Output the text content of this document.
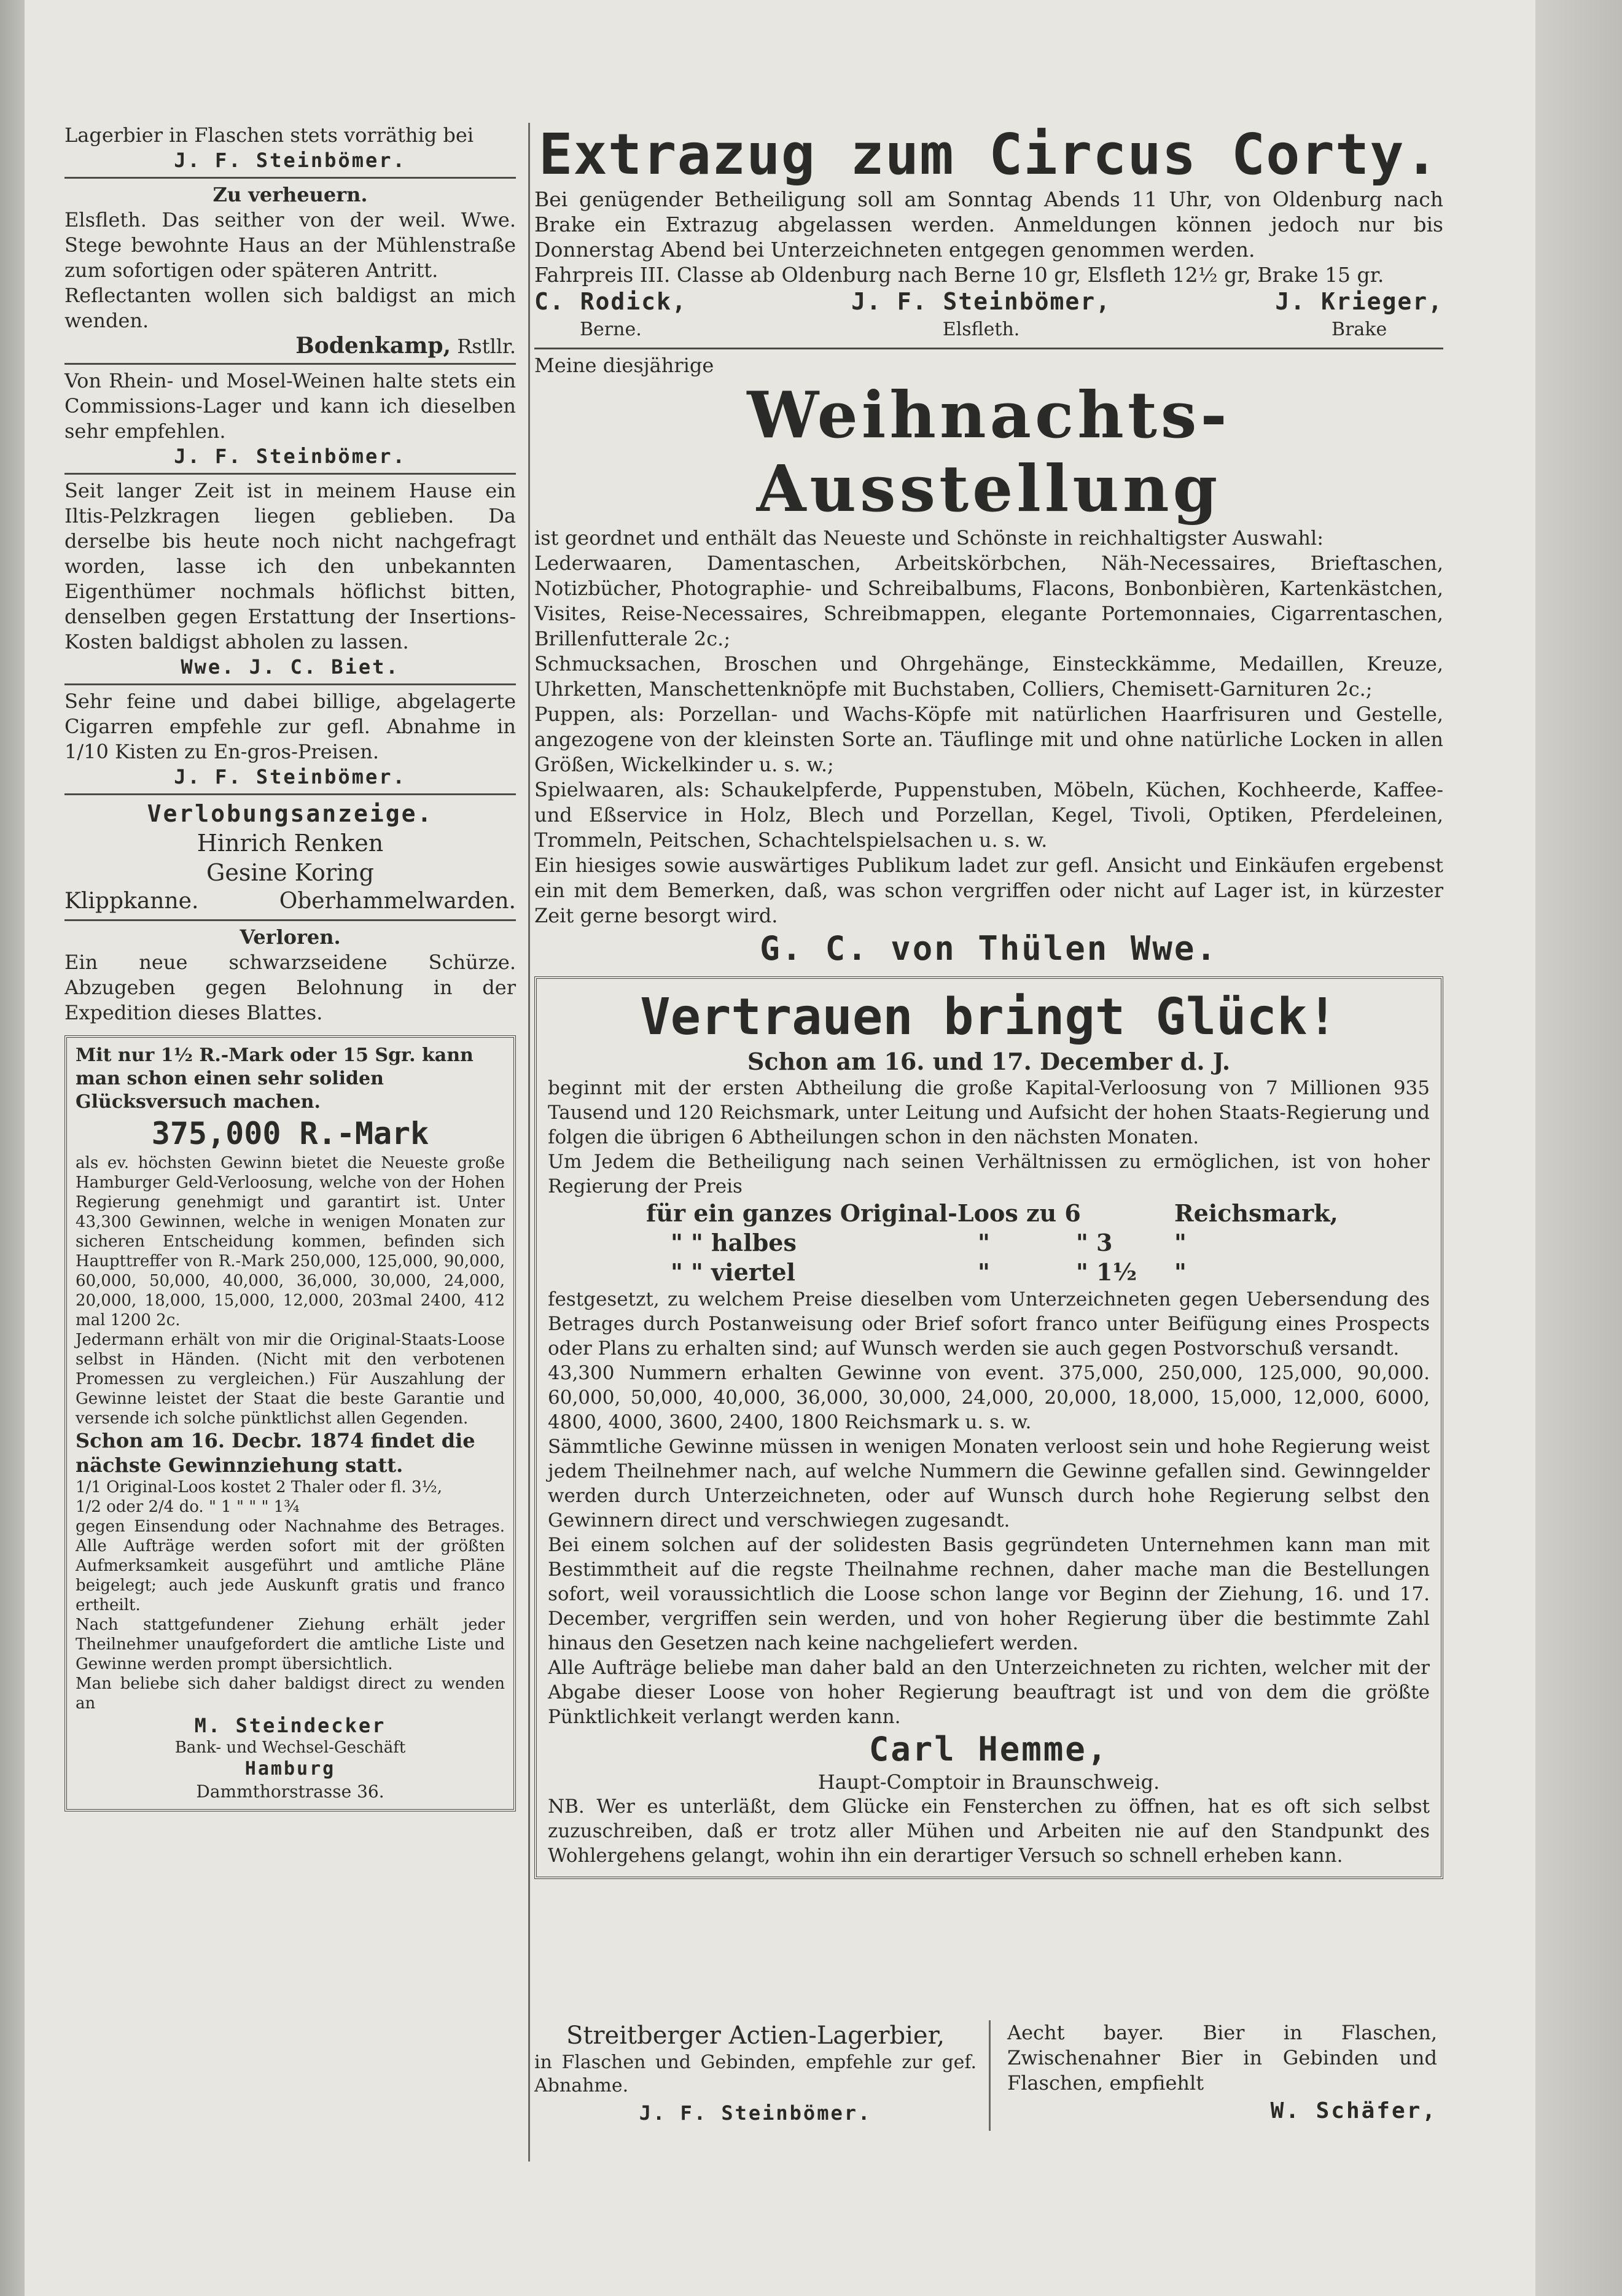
Lagerbier in Flaschen stets vorräthig bei

J. F. Steinbömer.

Zu verheuern.

Elsfleth. Das seither von der weil. Wwe. Stege bewohnte Haus an der Mühlenstraße zum sofortigen oder späteren Antritt.

Reflectanten wollen sich baldigst an mich wenden.

Bodenkamp, Rstllr.

Von Rhein- und Mosel-Weinen halte stets ein Commissions-Lager und kann ich dieselben sehr empfehlen.

J. F. Steinbömer.

Seit langer Zeit ist in meinem Hause ein Iltis-Pelzkragen liegen geblieben. Da derselbe bis heute noch nicht nachgefragt worden, lasse ich den unbekannten Eigenthümer nochmals höflichst bitten, denselben gegen Erstattung der Insertions-Kosten baldigst abholen zu lassen.

Wwe. J. C. Biet.

Sehr feine und dabei billige, abgelagerte Cigarren empfehle zur gefl. Abnahme in 1/10 Kisten zu En-gros-Preisen.

J. F. Steinbömer.

Verlobungsanzeige.

Hinrich Renken

Gesine Koring

Klippkanne.	Oberhammelwarden.

Verloren.

Ein neue schwarzseidene Schürze. Abzugeben gegen Belohnung in der Expedition dieses Blattes.

Mit nur 1½ R.-Mark oder 15 Sgr. kann man schon einen sehr soliden Glücksversuch machen.

375,000 R.-Mark

als ev. höchsten Gewinn bietet die Neueste große Hamburger Geld-Verloosung, welche von der Hohen Regierung genehmigt und garantirt ist. Unter 43,300 Gewinnen, welche in wenigen Monaten zur sicheren Entscheidung kommen, befinden sich Haupttreffer von R.-Mark 250,000, 125,000, 90,000, 60,000, 50,000, 40,000, 36,000, 30,000, 24,000, 20,000, 18,000, 15,000, 12,000, 203mal 2400, 412 mal 1200 2c.

Jedermann erhält von mir die Original-Staats-Loose selbst in Händen. (Nicht mit den verbotenen Promessen zu vergleichen.) Für Auszahlung der Gewinne leistet der Staat die beste Garantie und versende ich solche pünktlichst allen Gegenden.

Schon am 16. Decbr. 1874 findet die nächste Gewinnziehung statt.

1/1 Original-Loos kostet 2 Thaler oder fl. 3½,

1/2 oder 2/4 do. " 1 " " " 1¾

gegen Einsendung oder Nachnahme des Betrages. Alle Aufträge werden sofort mit der größten Aufmerksamkeit ausgeführt und amtliche Pläne beigelegt; auch jede Auskunft gratis und franco ertheilt.

Nach stattgefundener Ziehung erhält jeder Theilnehmer unaufgefordert die amtliche Liste und Gewinne werden prompt übersichtlich.

Man beliebe sich daher baldigst direct zu wenden an

M. Steindecker

Bank- und Wechsel-Geschäft

Hamburg

Dammthorstrasse 36.

Extrazug zum Circus Corty.

Bei genügender Betheiligung soll am Sonntag Abends 11 Uhr, von Oldenburg nach Brake ein Extrazug abgelassen werden. Anmeldungen können jedoch nur bis Donnerstag Abend bei Unterzeichneten entgegen genommen werden.

Fahrpreis III. Classe ab Oldenburg nach Berne 10 gr, Elsfleth 12½ gr, Brake 15 gr.

C. Rodick,
Berne.
J. F. Steinbömer,
Elsfleth.
J. Krieger,
Brake

Meine diesjährige

Weihnachts-Ausstellung

ist geordnet und enthält das Neueste und Schönste in reichhaltigster Auswahl:

Lederwaaren, Damentaschen, Arbeitskörbchen, Näh-Necessaires, Brieftaschen, Notizbücher, Photographie- und Schreibalbums, Flacons, Bonbonbièren, Kartenkästchen, Visites, Reise-Necessaires, Schreibmappen, elegante Portemonnaies, Cigarrentaschen, Brillenfutterale 2c.;

Schmucksachen, Broschen und Ohrgehänge, Einsteckkämme, Medaillen, Kreuze, Uhrketten, Manschettenknöpfe mit Buchstaben, Colliers, Chemisett-Garnituren 2c.;

Puppen, als: Porzellan- und Wachs-Köpfe mit natürlichen Haarfrisuren und Gestelle, angezogene von der kleinsten Sorte an. Täuflinge mit und ohne natürliche Locken in allen Größen, Wickelkinder u. s. w.;

Spielwaaren, als: Schaukelpferde, Puppenstuben, Möbeln, Küchen, Kochheerde, Kaffee- und Eßservice in Holz, Blech und Porzellan, Kegel, Tivoli, Optiken, Pferdeleinen, Trommeln, Peitschen, Schachtelspielsachen u. s. w.

Ein hiesiges sowie auswärtiges Publikum ladet zur gefl. Ansicht und Einkäufen ergebenst ein mit dem Bemerken, daß, was schon vergriffen oder nicht auf Lager ist, in kürzester Zeit gerne besorgt wird.

G. C. von Thülen Wwe.

Vertrauen bringt Glück!

Schon am 16. und 17. December d. J.

beginnt mit der ersten Abtheilung die große Kapital-Verloosung von 7 Millionen 935 Tausend und 120 Reichsmark, unter Leitung und Aufsicht der hohen Staats-Regierung und folgen die übrigen 6 Abtheilungen schon in den nächsten Monaten.

Um Jedem die Betheiligung nach seinen Verhältnissen zu ermöglichen, ist von hoher Regierung der Preis

für ein ganzes Original-Loos zu 6	Reichsmark,
" " halbes	"	" 3	"
" " viertel	"	" 1½	"

festgesetzt, zu welchem Preise dieselben vom Unterzeichneten gegen Uebersendung des Betrages durch Postanweisung oder Brief sofort franco unter Beifügung eines Prospects oder Plans zu erhalten sind; auf Wunsch werden sie auch gegen Postvorschuß versandt.

43,300 Nummern erhalten Gewinne von event. 375,000, 250,000, 125,000, 90,000. 60,000, 50,000, 40,000, 36,000, 30,000, 24,000, 20,000, 18,000, 15,000, 12,000, 6000, 4800, 4000, 3600, 2400, 1800 Reichsmark u. s. w.

Sämmtliche Gewinne müssen in wenigen Monaten verloost sein und hohe Regierung weist jedem Theilnehmer nach, auf welche Nummern die Gewinne gefallen sind. Gewinngelder werden durch Unterzeichneten, oder auf Wunsch durch hohe Regierung selbst den Gewinnern direct und verschwiegen zugesandt.

Bei einem solchen auf der solidesten Basis gegründeten Unternehmen kann man mit Bestimmtheit auf die regste Theilnahme rechnen, daher mache man die Bestellungen sofort, weil voraussichtlich die Loose schon lange vor Beginn der Ziehung, 16. und 17. December, vergriffen sein werden, und von hoher Regierung über die bestimmte Zahl hinaus den Gesetzen nach keine nachgeliefert werden.

Alle Aufträge beliebe man daher bald an den Unterzeichneten zu richten, welcher mit der Abgabe dieser Loose von hoher Regierung beauftragt ist und von dem die größte Pünktlichkeit verlangt werden kann.

Carl Hemme,

Haupt-Comptoir in Braunschweig.

NB. Wer es unterläßt, dem Glücke ein Fensterchen zu öffnen, hat es oft sich selbst zuzuschreiben, daß er trotz aller Mühen und Arbeiten nie auf den Standpunkt des Wohlergehens gelangt, wohin ihn ein derartiger Versuch so schnell erheben kann.

Streitberger Actien-Lagerbier,

in Flaschen und Gebinden, empfehle zur gef. Abnahme.

J. F. Steinbömer.

Aecht bayer. Bier in Flaschen, Zwischenahner Bier in Gebinden und Flaschen, empfiehlt

W. Schäfer,
